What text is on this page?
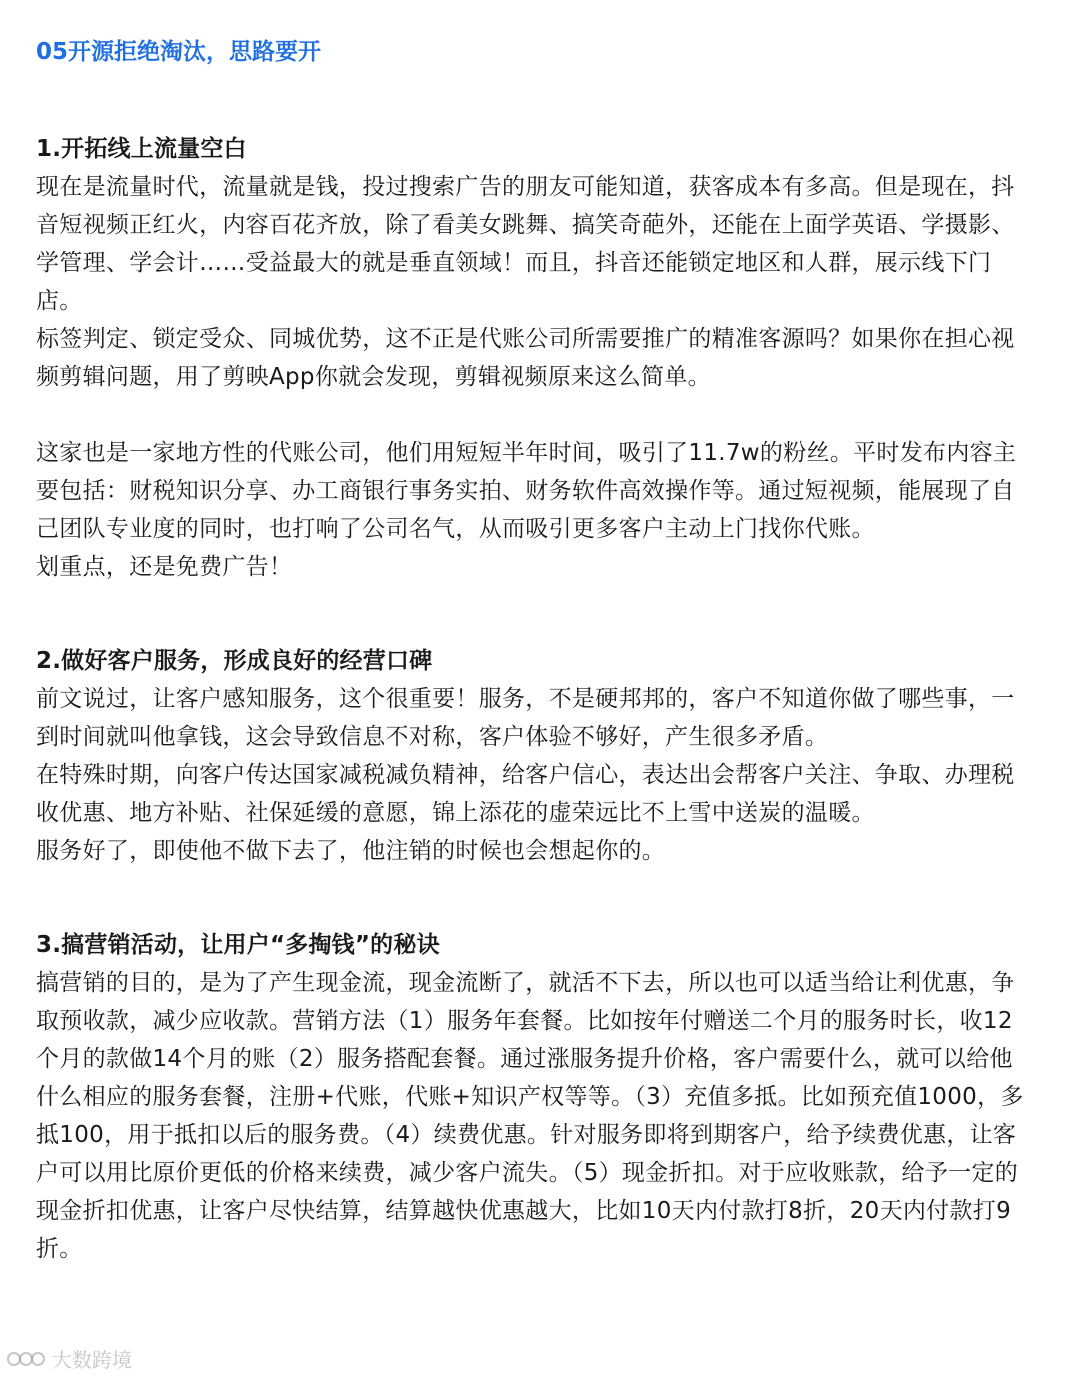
05开源拒绝淘汰，思路要开

1.开拓线上流量空白

现在是流量时代，流量就是钱，投过搜索广告的朋友可能知道，获客成本有多高。但是现在，抖音短视频正红火，内容百花齐放，除了看美女跳舞、搞笑奇葩外，还能在上面学英语、学摄影、学管理、学会计……受益最大的就是垂直领域！而且，抖音还能锁定地区和人群，展示线下门店。

标签判定、锁定受众、同城优势，这不正是代账公司所需要推广的精准客源吗？如果你在担心视频剪辑问题，用了剪映App你就会发现，剪辑视频原来这么简单。

这家也是一家地方性的代账公司，他们用短短半年时间，吸引了11.7w的粉丝。平时发布内容主要包括：财税知识分享、办工商银行事务实拍、财务软件高效操作等。通过短视频，能展现了自己团队专业度的同时，也打响了公司名气，从而吸引更多客户主动上门找你代账。

划重点，还是免费广告！

2.做好客户服务，形成良好的经营口碑

前文说过，让客户感知服务，这个很重要！服务，不是硬邦邦的，客户不知道你做了哪些事，一到时间就叫他拿钱，这会导致信息不对称，客户体验不够好，产生很多矛盾。

在特殊时期，向客户传达国家减税减负精神，给客户信心，表达出会帮客户关注、争取、办理税收优惠、地方补贴、社保延缓的意愿，锦上添花的虚荣远比不上雪中送炭的温暖。

服务好了，即使他不做下去了，他注销的时候也会想起你的。

3.搞营销活动，让用户“多掏钱”的秘诀

搞营销的目的，是为了产生现金流，现金流断了，就活不下去，所以也可以适当给让利优惠，争取预收款，减少应收款。营销方法（1）服务年套餐。比如按年付赠送二个月的服务时长，收12个月的款做14个月的账（2）服务搭配套餐。通过涨服务提升价格，客户需要什么，就可以给他什么相应的服务套餐，注册+代账，代账+知识产权等等。（3）充值多抵。比如预充值1000，多抵100，用于抵扣以后的服务费。（4）续费优惠。针对服务即将到期客户，给予续费优惠，让客户可以用比原价更低的价格来续费，减少客户流失。（5）现金折扣。对于应收账款，给予一定的现金折扣优惠，让客户尽快结算，结算越快优惠越大，比如10天内付款打8折，20天内付款打9折。

大数跨境
